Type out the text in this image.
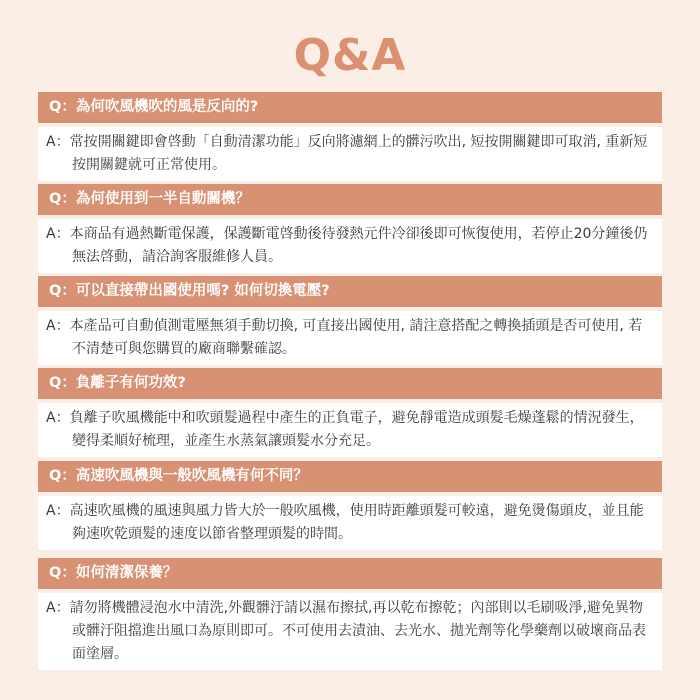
Q&A
Q：為何吹風機吹的風是反向的?
A：常按開關鍵即會啓動「自動清潔功能」反向將濾網上的髒污吹出, 短按開關鍵即可取消, 重新短按開關鍵就可正常使用。
Q：為何使用到一半自動關機？
A：本商品有過熱斷電保護，保護斷電啓動後待發熱元件冷卻後即可恢復使用，若停止20分鐘後仍無法啓動，請洽詢客服維修人員。
Q：可以直接帶出國使用嗎? 如何切換電壓?
A：本產品可自動偵測電壓無須手動切換, 可直接出國使用, 請注意搭配之轉換插頭是否可使用, 若不清楚可與您購買的廠商聯繫確認。
Q：負離子有何功效?
A：負離子吹風機能中和吹頭髮過程中產生的正負電子，避免靜電造成頭髮毛燥蓬鬆的情況發生，變得柔順好梳理，並產生水蒸氣讓頭髮水分充足。
Q：高速吹風機與一般吹風機有何不同？
A：高速吹風機的風速與風力皆大於一般吹風機，使用時距離頭髮可較遠，避免燙傷頭皮，並且能夠速吹乾頭髮的速度以節省整理頭髮的時間。
Q：如何清潔保養？
A：請勿將機體浸泡水中清洗,外觀髒汙請以濕布擦拭,再以乾布擦乾；內部則以毛刷吸淨,避免異物或髒汙阻擋進出風口為原則即可。不可使用去漬油、去光水、拋光劑等化學藥劑以破壞商品表面塗層。
